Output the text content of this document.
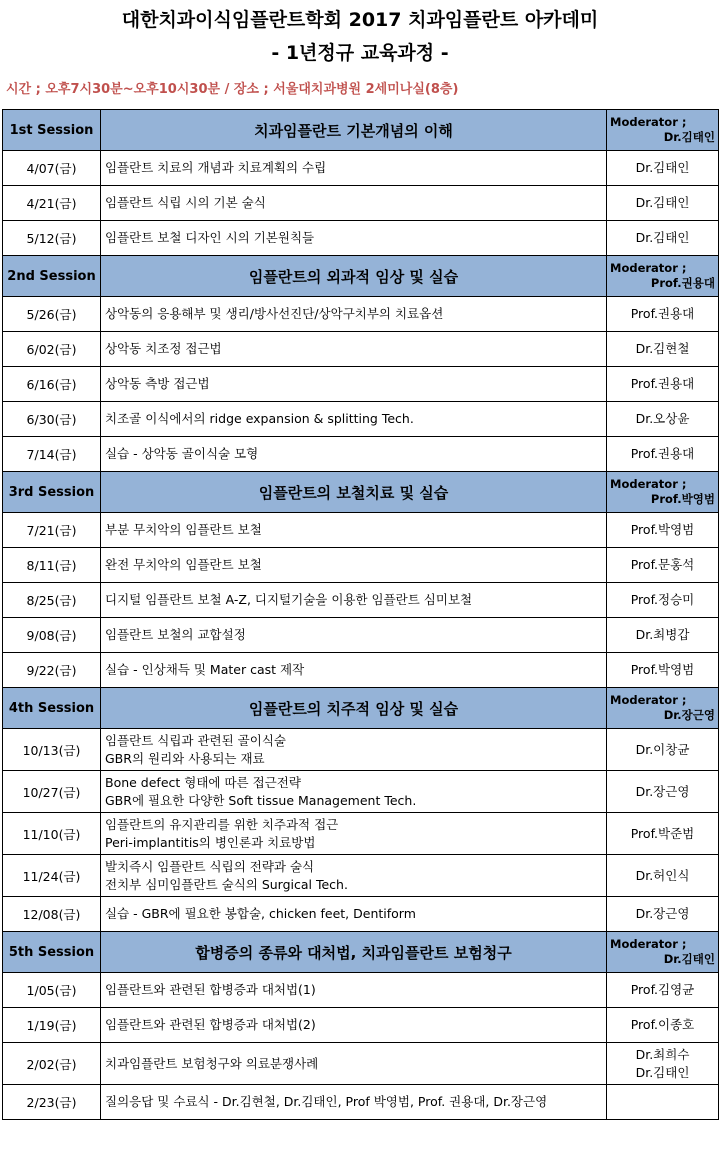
대한치과이식임플란트학회 2017 치과임플란트 아카데미
- 1년정규 교육과정 -
시간 ; 오후7시30분~오후10시30분 / 장소 ; 서울대치과병원 2세미나실(8층)
1st Session	치과임플란트 기본개념의 이해	Moderator ;
Dr.김태인

4/07(금)	임플란트 치료의 개념과 치료계획의 수립	Dr.김태인

4/21(금)	임플란트 식립 시의 기본 술식	Dr.김태인

5/12(금)	임플란트 보철 디자인 시의 기본원칙들	Dr.김태인

2nd Session	임플란트의 외과적 임상 및 실습	Moderator ;
Prof.권용대

5/26(금)	상악동의 응용해부 및 생리/방사선진단/상악구치부의 치료옵션	Prof.권용대

6/02(금)	상악동 치조정 접근법	Dr.김현철

6/16(금)	상악동 측방 접근법	Prof.권용대

6/30(금)	치조골 이식에서의 ridge expansion & splitting Tech.	Dr.오상윤

7/14(금)	실습 - 상악동 골이식술 모형	Prof.권용대

3rd Session	임플란트의 보철치료 및 실습	Moderator ;
Prof.박영범

7/21(금)	부분 무치악의 임플란트 보철	Prof.박영범

8/11(금)	완전 무치악의 임플란트 보철	Prof.문홍석

8/25(금)	디지털 임플란트 보철 A-Z, 디지털기술을 이용한 임플란트 심미보철	Prof.정승미

9/08(금)	임플란트 보철의 교합설정	Dr.최병갑

9/22(금)	실습 - 인상채득 및 Mater cast 제작	Prof.박영범

4th Session	임플란트의 치주적 임상 및 실습	Moderator ;
Dr.장근영

10/13(금)	임플란트 식립과 관련된 골이식술
GBR의 원리와 사용되는 재료	Dr.이창균

10/27(금)	Bone defect 형태에 따른 접근전략
GBR에 필요한 다양한 Soft tissue Management Tech.	Dr.장근영

11/10(금)	임플란트의 유지관리를 위한 치주과적 접근
Peri-implantitis의 병인론과 치료방법	Prof.박준범

11/24(금)	발치즉시 임플란트 식립의 전략과 술식
전치부 심미임플란트 술식의 Surgical Tech.	Dr.허인식

12/08(금)	실습 - GBR에 필요한 봉합술, chicken feet, Dentiform	Dr.장근영

5th Session	합병증의 종류와 대처법, 치과임플란트 보험청구	Moderator ;
Dr.김태인

1/05(금)	임플란트와 관련된 합병증과 대처법(1)	Prof.김영균

1/19(금)	임플란트와 관련된 합병증과 대처법(2)	Prof.이종호

2/02(금)	치과임플란트 보험청구와 의료분쟁사례	Dr.최희수
Dr.김태인

2/23(금)	질의응답 및 수료식 - Dr.김현철, Dr.김태인, Prof 박영범, Prof. 권용대, Dr.장근영	
